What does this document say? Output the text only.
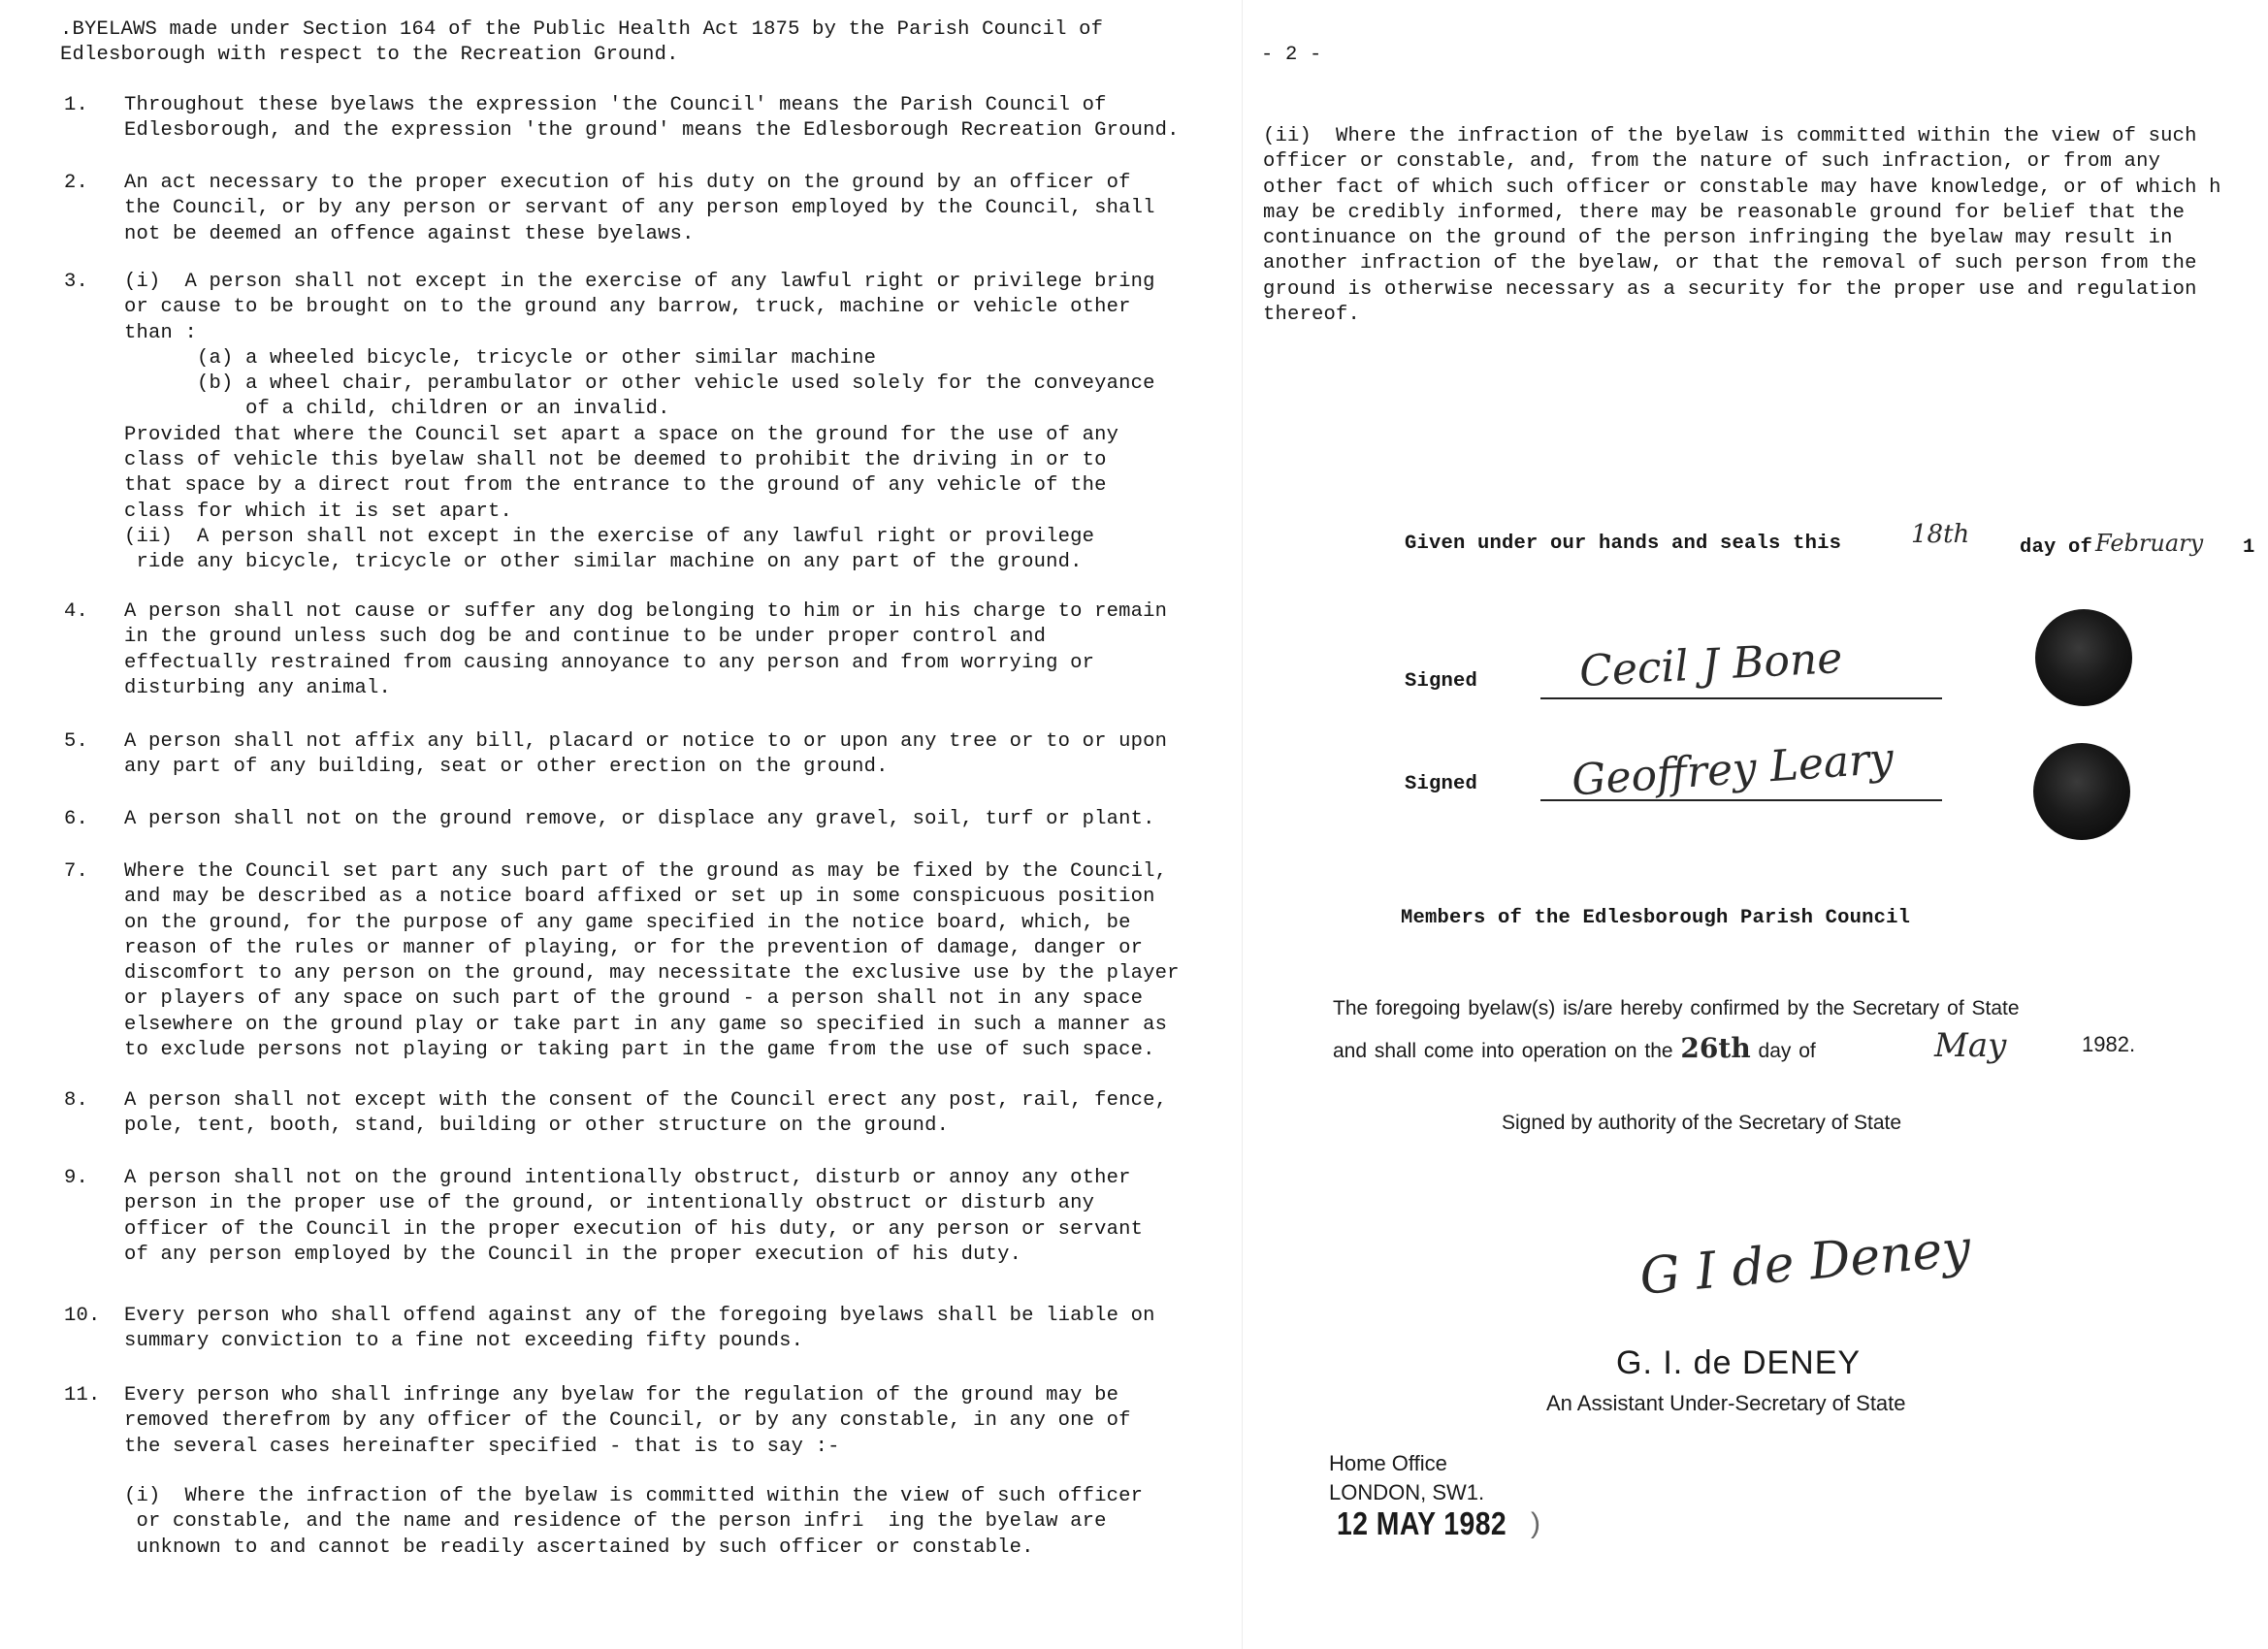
.BYELAWS made under Section 164 of the Public Health Act 1875 by the Parish Council of
Edlesborough with respect to the Recreation Ground.
1. Throughout these byelaws the expression 'the Council' means the Parish Council of
Edlesborough, and the expression 'the ground' means the Edlesborough Recreation Ground.
2. An act necessary to the proper execution of his duty on the ground by an officer of
the Council, or by any person or servant of any person employed by the Council, shall
not be deemed an offence against these byelaws.
3. (i)  A person shall not except in the exercise of any lawful right or privilege bring
or cause to be brought on to the ground any barrow, truck, machine or vehicle other
than :
(a) a wheeled bicycle, tricycle or other similar machine
(b) a wheel chair, perambulator or other vehicle used solely for the conveyance
of a child, children or an invalid.
Provided that where the Council set apart a space on the ground for the use of any
class of vehicle this byelaw shall not be deemed to prohibit the driving in or to
that space by a direct rout from the entrance to the ground of any vehicle of the
class for which it is set apart.
(ii)  A person shall not except in the exercise of any lawful right or provilege
ride any bicycle, tricycle or other similar machine on any part of the ground.
4. A person shall not cause or suffer any dog belonging to him or in his charge to remain
in the ground unless such dog be and continue to be under proper control and
effectually restrained from causing annoyance to any person and from worrying or
disturbing any animal.
5. A person shall not affix any bill, placard or notice to or upon any tree or to or upon
any part of any building, seat or other erection on the ground.
6. A person shall not on the ground remove, or displace any gravel, soil, turf or plant.
7. Where the Council set part any such part of the ground as may be fixed by the Council,
and may be described as a notice board affixed or set up in some conspicuous position
on the ground, for the purpose of any game specified in the notice board, which, be
reason of the rules or manner of playing, or for the prevention of damage, danger or
discomfort to any person on the ground, may necessitate the exclusive use by the player
or players of any space on such part of the ground - a person shall not in any space
elsewhere on the ground play or take part in any game so specified in such a manner as
to exclude persons not playing or taking part in the game from the use of such space.
8. A person shall not except with the consent of the Council erect any post, rail, fence,
pole, tent, booth, stand, building or other structure on the ground.
9. A person shall not on the ground intentionally obstruct, disturb or annoy any other
person in the proper use of the ground, or intentionally obstruct or disturb any
officer of the Council in the proper execution of his duty, or any person or servant
of any person employed by the Council in the proper execution of his duty.
10. Every person who shall offend against any of the foregoing byelaws shall be liable on
summary conviction to a fine not exceeding fifty pounds.
11. Every person who shall infringe any byelaw for the regulation of the ground may be
removed therefrom by any officer of the Council, or by any constable, in any one of
the several cases hereinafter specified - that is to say :-
(i)  Where the infraction of the byelaw is committed within the view of such officer
or constable, and the name and residence of the person infri  ing the byelaw are
unknown to and cannot be readily ascertained by such officer or constable.
- 2 -
(ii)  Where the infraction of the byelaw is committed within the view of such
officer or constable, and, from the nature of such infraction, or from any
other fact of which such officer or constable may have knowledge, or of which h
may be credibly informed, there may be reasonable ground for belief that the
continuance on the ground of the person infringing the byelaw may result in
another infraction of the byelaw, or that the removal of such person from the
ground is otherwise necessary as a security for the proper use and regulation
thereof.
Given under our hands and seals this	18th	day of February 1
Signed Cecil J Bone
Signed Geoffrey Leary
Members of the Edlesborough Parish Council
The foregoing byelaw(s) is/are hereby confirmed by the Secretary of State
and shall come into operation on the 26th day of	May	1982.
Signed by authority of the Secretary of State
G I de Deney
G. I. de DENEY
An Assistant Under-Secretary of State
Home Office
LONDON, SW1.
12 MAY 1982 )
